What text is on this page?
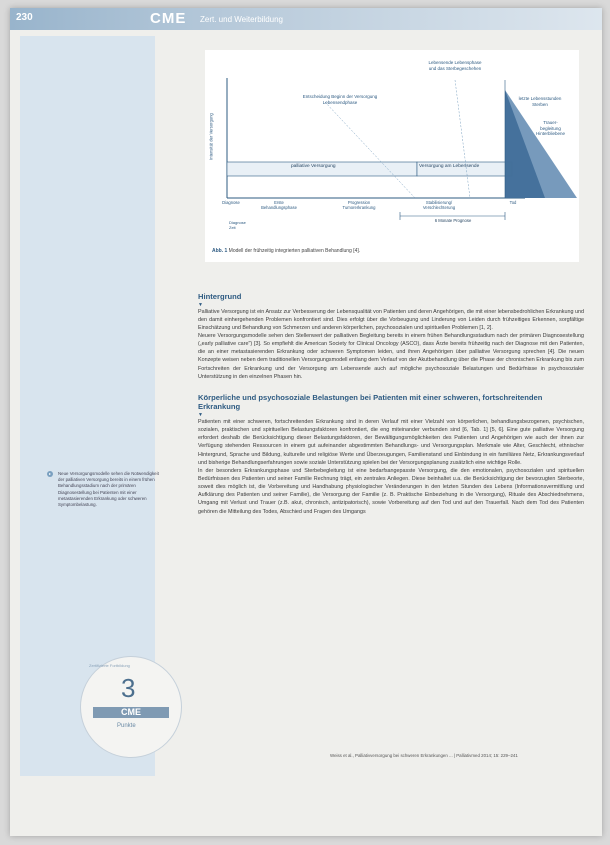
230	CME Zert. und Weiterbildung
▸	Neue Versorgungsmodelle sehen die Notwendigkeit der palliativen Versorgung bereits in einem frühen Behandlungsstadium nach der primären Diagnosestellung bei Patienten mit einer metastasierenden Erkrankung oder schweren Symptombelastung.
Zertifizierte Fortbildung
3
CME
Punkte
Lebensende Lebensphase
und das Sterbegeschehen
Entscheidung Beginn der Versorgung
Lebensendphase
letzte Lebensstunden
Sterben
Trauer-
begleitung
Hinterbliebene
palliative Versorgung	Versorgung am Lebensende
Intensität der Versorgung
Diagnose	Erste
Behandlungsphase
Progression
Tumorerkrankung
Stabilisierung/
Verschlechterung
Tod
Diagnose
Zeit
6 Monate Prognose
Abb. 1 Modell der frühzeitig integrierten palliativen Behandlung [4].
Hintergrund
▼

Palliative Versorgung ist ein Ansatz zur Verbesserung der Lebensqualität von Patienten und deren Angehörigen, die mit einer lebensbedrohlichen Erkrankung und den damit einhergehenden Problemen konfrontiert sind. Dies erfolgt über die Vorbeugung und Linderung von Leiden durch frühzeitiges Erkennen, sorgfältige Einschätzung und Behandlung von Schmerzen und anderen körperlichen, psychosozialen und spirituellen Problemen [1, 2].

Neuere Versorgungsmodelle sehen den Stellenwert der palliativen Begleitung bereits in einem frühen Behandlungsstadium nach der primären Diagnosestellung („early palliative care") [3]. So empfiehlt die American Society for Clinical Oncology (ASCO), dass Ärzte bereits frühzeitig nach der Diagnose mit den Patienten, die an einer metastasierenden Erkrankung oder schweren Symptomen leiden, und ihren Angehörigen über palliative Versorgung sprechen [4]. Die neuen Konzepte weisen neben dem traditionellen Versorgungsmodell entlang dem Verlauf von der Akutbehandlung über die Phase der chronischen Erkrankung bis zum Fortschreiten der Erkrankung und der Versorgung am Lebensende auch auf mögliche psychosoziale Belastungen und Bedürfnisse in psychosozialer Unterstützung in den einzelnen Phasen hin.

Körperliche und psychosoziale Belastungen bei Patienten mit einer schweren, fortschreitenden Erkrankung
▼

Patienten mit einer schweren, fortschreitenden Erkrankung sind in deren Verlauf mit einer Vielzahl von körperlichen, behandlungsbezogenen, psychischen, sozialen, praktischen und spirituellen Belastungsfaktoren konfrontiert, die eng miteinander verbunden sind [6, Tab. 1] [5, 6]. Eine gute palliative Versorgung erfordert deshalb die Berücksichtigung dieser Belastungsfaktoren, der Bewältigungsmöglichkeiten des Patienten und Angehörigen wie auch der ihnen zur Verfügung stehenden Ressourcen in einem gut aufeinander abgestimmten Behandlungs- und Versorgungsplan. Merkmale wie Alter, Geschlecht, ethnischer Hintergrund, Sprache und Bildung, kulturelle und religiöse Werte und Überzeugungen, Familienstand und Einbindung in ein familiäres Netz, Erkrankungsverlauf und bisherige Behandlungserfahrungen sowie soziale Unterstützung spielen bei der Versorgungsplanung zusätzlich eine wichtige Rolle.

In der besonders Erkrankungsphase und Sterbebegleitung ist eine bedarfsangepasste Versorgung, die den emotionalen, psychosozialen und spirituellen Bedürfnissen des Patienten und seiner Familie Rechnung trägt, ein zentrales Anliegen. Diese beinhaltet u.a. die Berücksichtigung der bevorzugten Sterbeorte, soweit dies möglich ist, die Vorbereitung und Handhabung physiologischer Veränderungen in den letzten Stunden des Lebens (Informationsvermittlung und Aufklärung des Patienten und seiner Familie), die Versorgung der Familie (z. B. Praktische Einbeziehung in die Versorgung), Rituale des Abschiednehmens, Umgang mit Verlust und Trauer (z.B. akut, chronisch, antizipatorisch), sowie Vorbereitung auf den Tod und auf den Trauerfall. Nach dem Tod des Patienten gehören die Mitteilung des Todes, Abschied und Fragen des Umgangs

Weiss et al., Palliativversorgung bei schweren Erkrankungen ... | Palliativmed 2014; 15: 229–241
